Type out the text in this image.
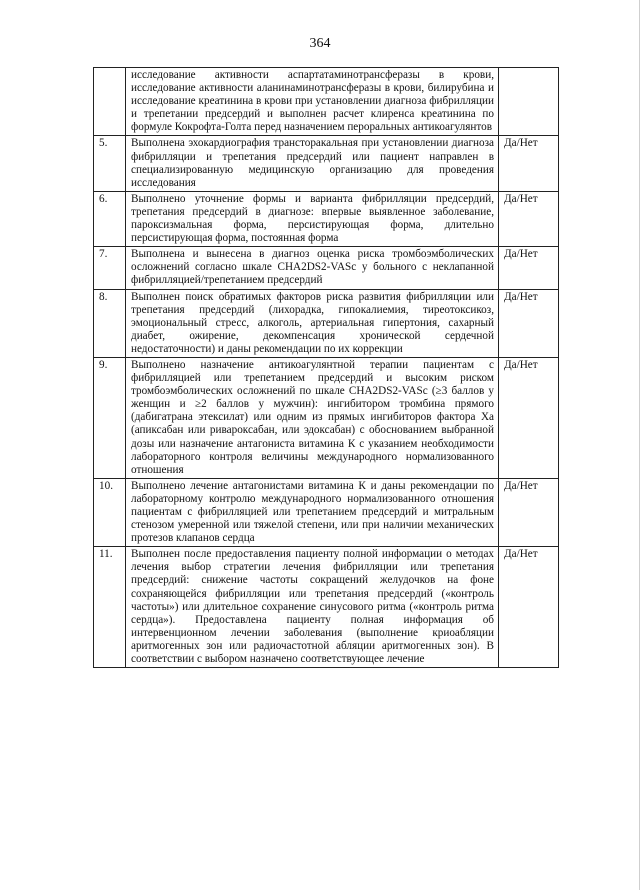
364
	исследование активности аспартатаминотрансферазы в крови, исследование активности аланинаминотрансферазы в крови, билирубина и исследование креатинина в крови при установлении диагноза фибрилляции и трепетании предсердий и выполнен расчет клиренса креатинина по формуле Кокрофта-Голта перед назначением пероральных антикоагулянтов	
5.	Выполнена эхокардиография трансторакальная при установлении диагноза фибрилляции и трепетания предсердий или пациент направлен в специализированную медицинскую организацию для проведения исследования	Да/Нет
6.	Выполнено уточнение формы и варианта фибрилляции предсердий, трепетания предсердий в диагнозе: впервые выявленное заболевание, пароксизмальная форма, персистирующая форма, длительно персистирующая форма, постоянная форма	Да/Нет
7.	Выполнена и вынесена в диагноз оценка риска тромбоэмболических осложнений согласно шкале CHA2DS2-VASc у больного с неклапанной фибрилляцией/трепетанием предсердий	Да/Нет
8.	Выполнен поиск обратимых факторов риска развития фибрилляции или трепетания предсердий (лихорадка, гипокалиемия, тиреотоксикоз, эмоциональный стресс, алкоголь, артериальная гипертония, сахарный диабет, ожирение, декомпенсация хронической сердечной недостаточности) и даны рекомендации по их коррекции	Да/Нет
9.	Выполнено назначение антикоагулянтной терапии пациентам с фибрилляцией или трепетанием предсердий и высоким риском тромбоэмболических осложнений по шкале CHA2DS2-VASc (≥3 баллов у женщин и ≥2 баллов у мужчин): ингибитором тромбина прямого (дабигатрана этексилат) или одним из прямых ингибиторов фактора Ха (апиксабан или ривароксабан, или эдоксабан) с обоснованием выбранной дозы или назначение антагониста витамина К с указанием необходимости лабораторного контроля величины международного нормализованного отношения	Да/Нет
10.	Выполнено лечение антагонистами витамина К и даны рекомендации по лабораторному контролю международного нормализованного отношения пациентам с фибрилляцией или трепетанием предсердий и митральным стенозом умеренной или тяжелой степени, или при наличии механических протезов клапанов сердца	Да/Нет
11.	Выполнен после предоставления пациенту полной информации о методах лечения выбор стратегии лечения фибрилляции или трепетания предсердий: снижение частоты сокращений желудочков на фоне сохраняющейся фибрилляции или трепетания предсердий («контроль частоты») или длительное сохранение синусового ритма («контроль ритма сердца»). Предоставлена пациенту полная информация об интервенционном лечении заболевания (выполнение криоабляции аритмогенных зон или радиочастотной абляции аритмогенных зон). В соответствии с выбором назначено соответствующее лечение	Да/Нет
